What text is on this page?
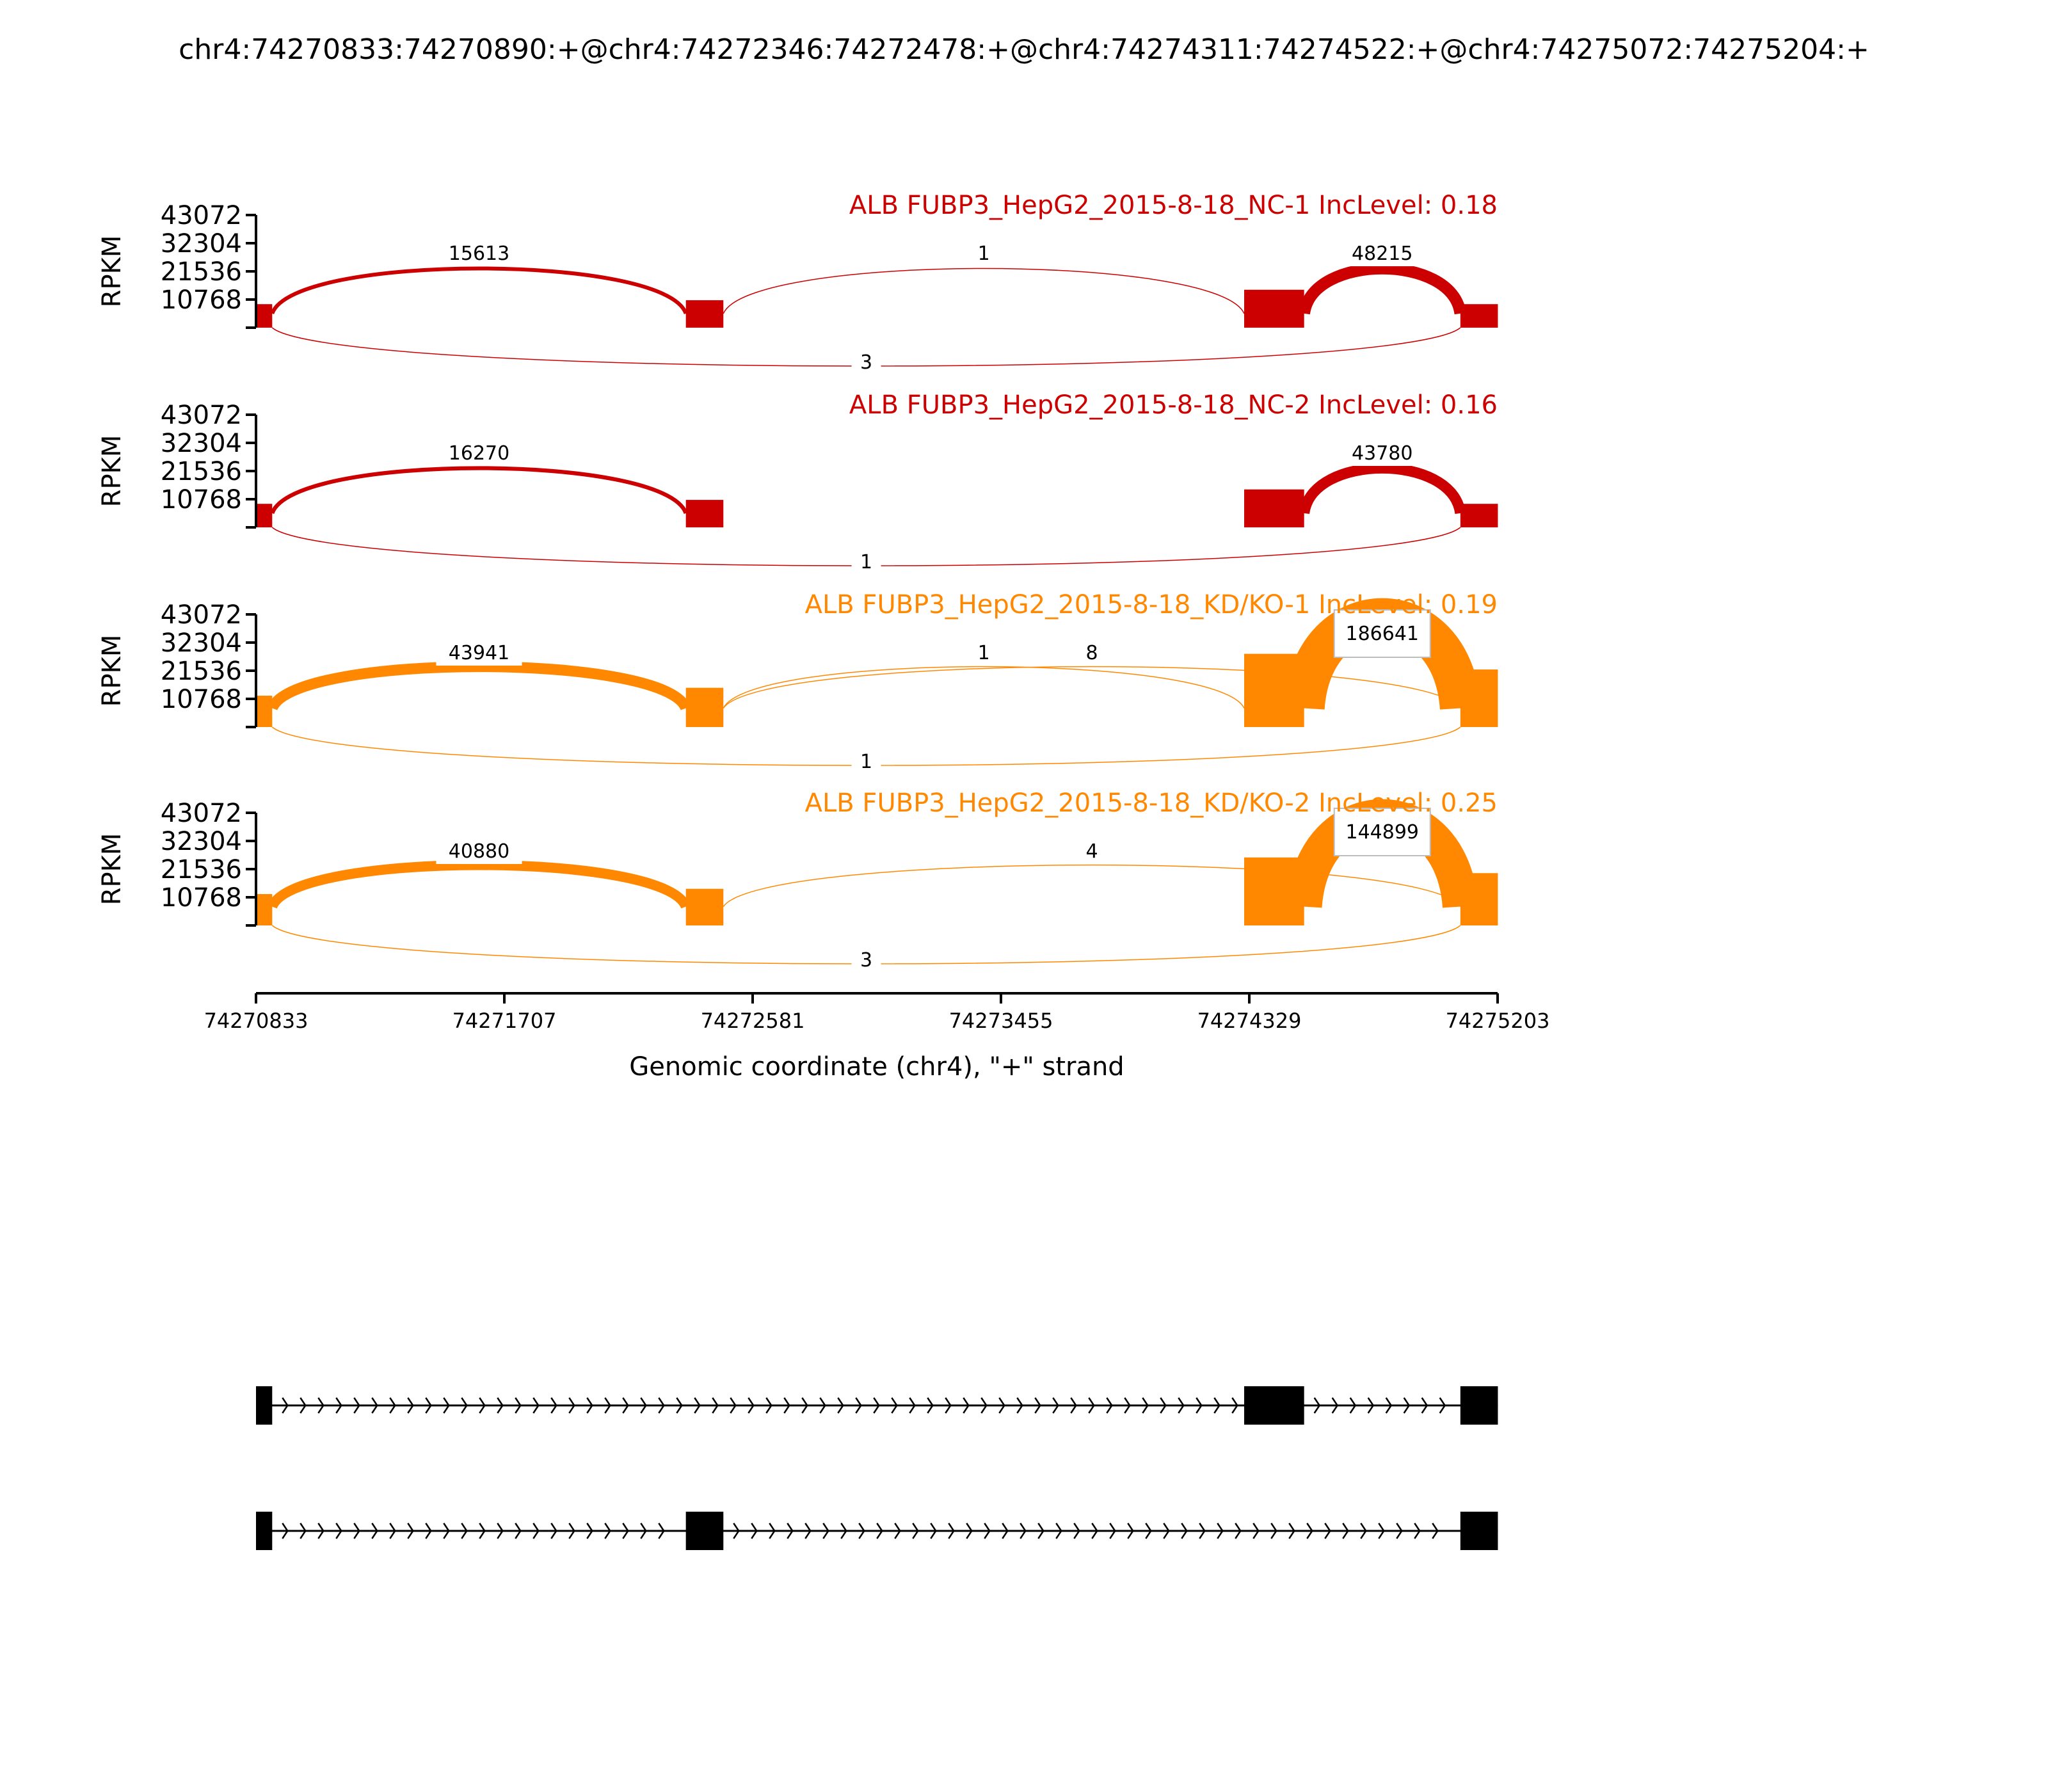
chr4:74270833:74270890:+@chr4:74272346:74272478:+@chr4:74274311:74274522:+@chr4:74275072:74275204:+
15613	1	48215
3
43072
32304
21536
10768
RPKM
ALB FUBP3_HepG2_2015-8-18_NC-1 IncLevel: 0.18
16270	43780
1
43072
32304
21536
10768
RPKM
ALB FUBP3_HepG2_2015-8-18_NC-2 IncLevel: 0.16
43941	1	8
186641
1
43072
32304
21536
10768
RPKM
ALB FUBP3_HepG2_2015-8-18_KD/KO-1 IncLevel: 0.19
40880	4
144899
3
43072
32304
21536
10768
RPKM
ALB FUBP3_HepG2_2015-8-18_KD/KO-2 IncLevel: 0.25
74270833	74271707	74272581	74273455	74274329	74275203
Genomic coordinate (chr4), "+" strand
